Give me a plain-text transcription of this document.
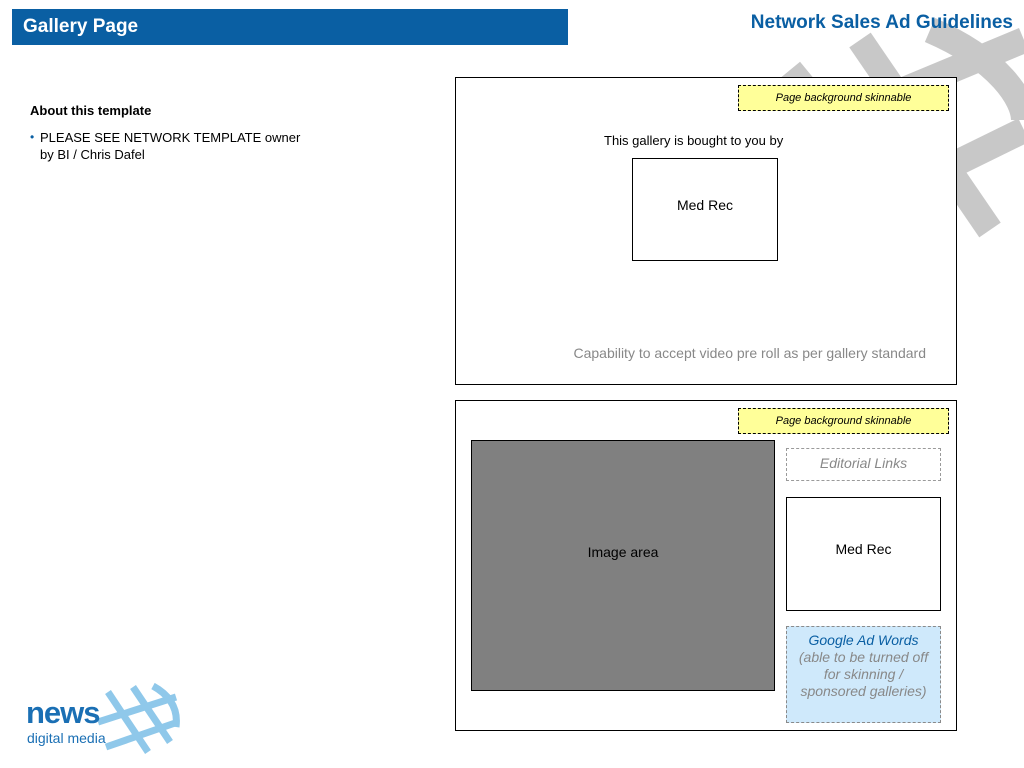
Gallery Page	Network Sales Ad Guidelines
About this template
• PLEASE SEE NETWORK TEMPLATE owner by BI / Chris Dafel
Page background skinnable
This gallery is bought to you by
Med Rec
Capability to accept video pre roll as per gallery standard
Page background skinnable
Image area
Editorial Links
Med Rec
Google Ad Words
(able to be turned off for skinning / sponsored galleries)
news
digital media
